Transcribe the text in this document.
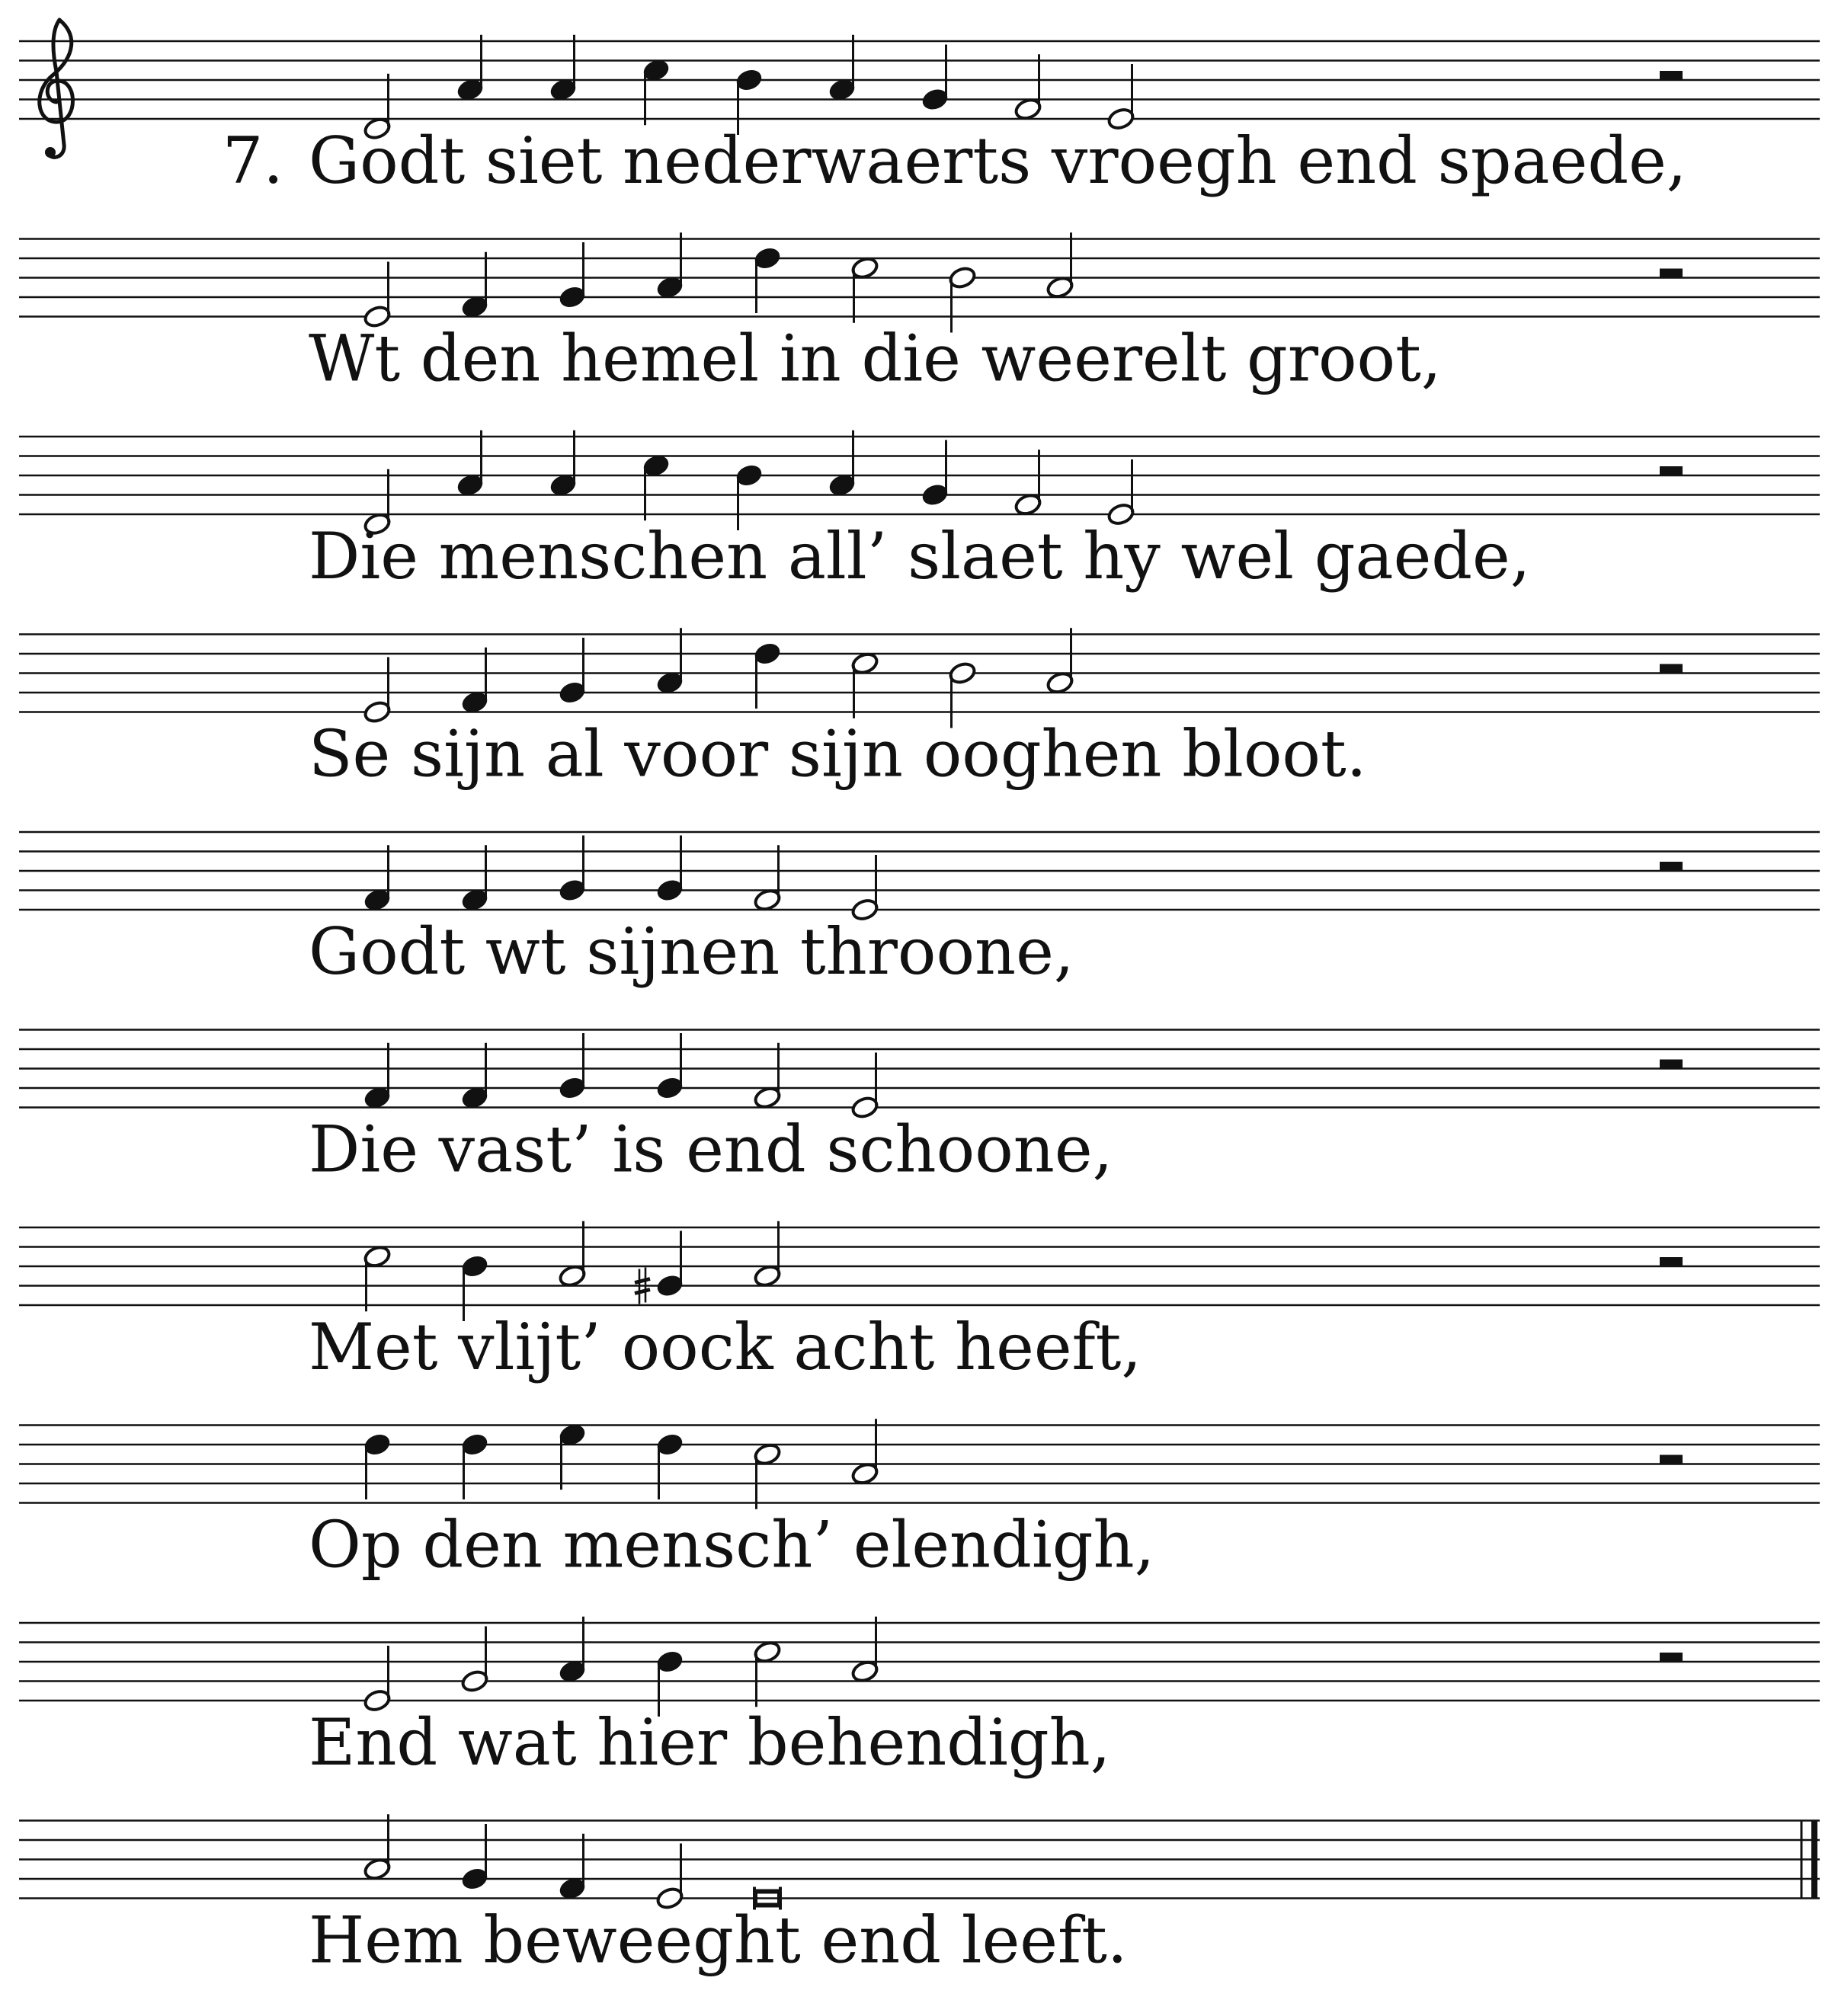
Godt siet nederwaerts vroegh end spaede,
7.
Wt den hemel in die weerelt groot,
Die menschen all’ slaet hy wel gaede,
Se sijn al voor sijn ooghen bloot.
Godt wt sijnen throone,
Die vast’ is end schoone,
Met vlijt’ oock acht heeft,
Op den mensch’ elendigh,
End wat hier behendigh,
Hem beweeght end leeft.
